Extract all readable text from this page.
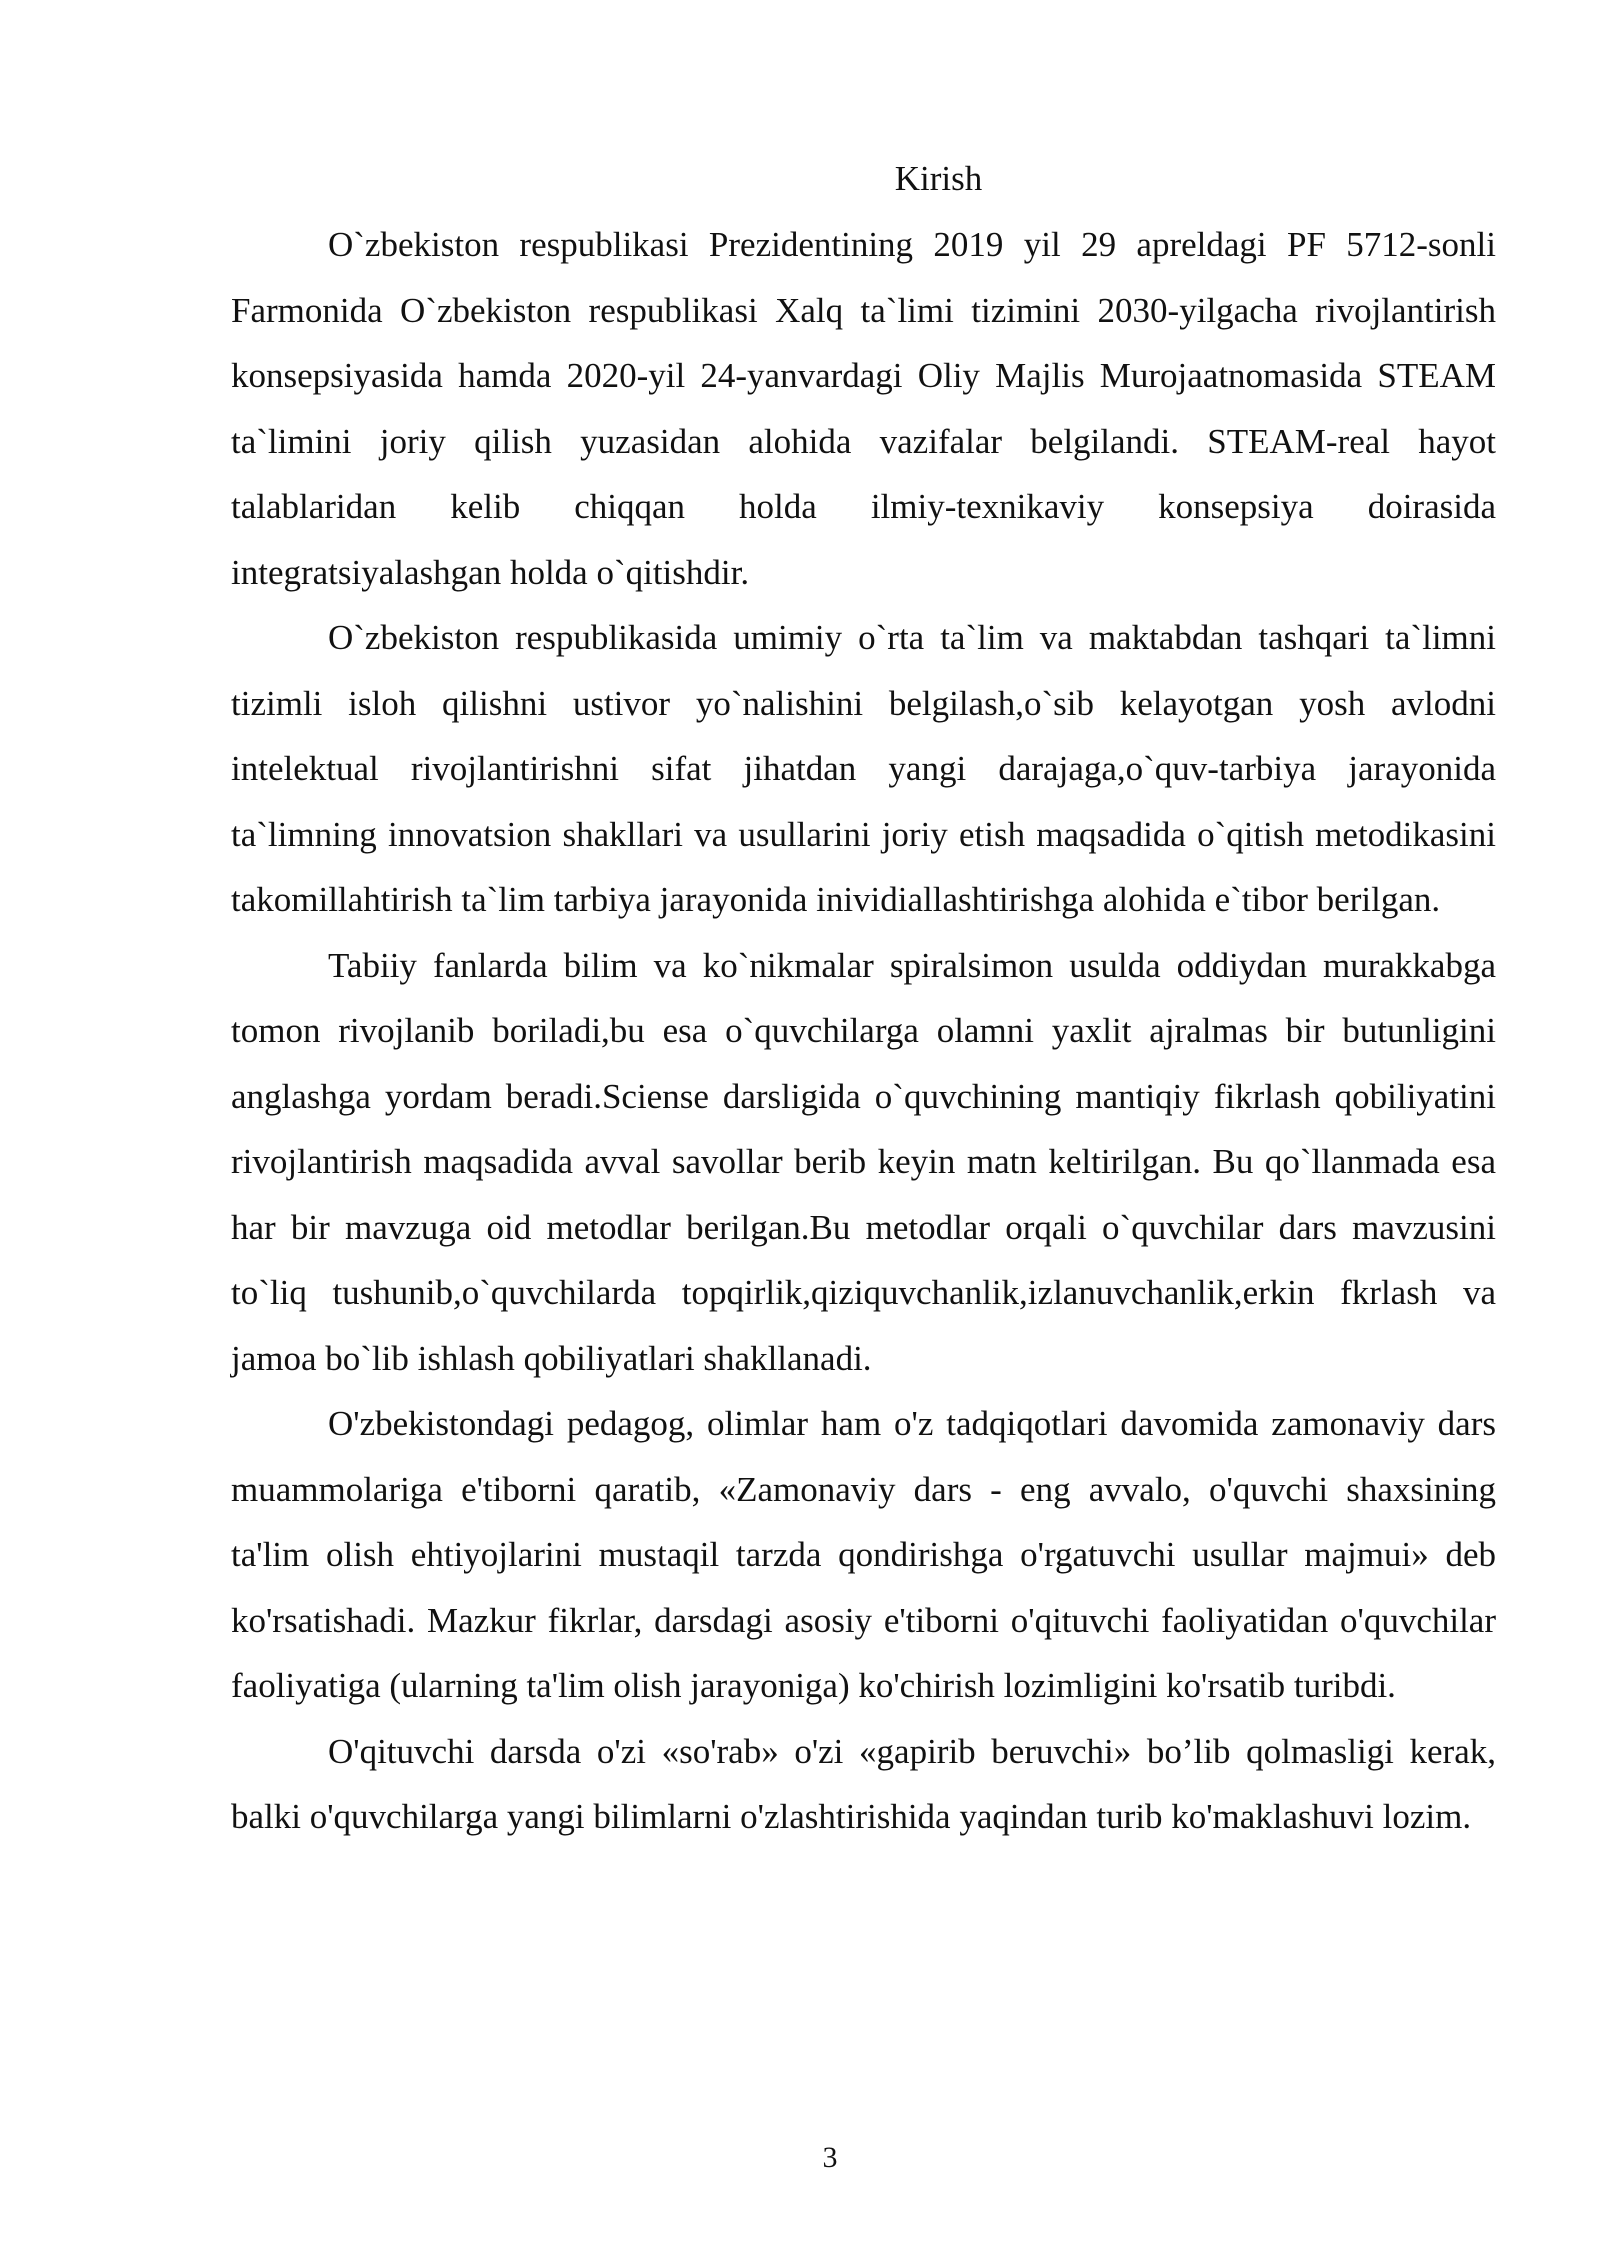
Kirish

O`zbekiston respublikasi Prezidentining 2019 yil 29 apreldagi PF 5712-sonli Farmonida O`zbekiston respublikasi Xalq ta`limi tizimini 2030-yilgacha rivojlantirish konsepsiyasida hamda 2020-yil 24-yanvardagi Oliy Majlis Murojaatnomasida STEAM ta`limini joriy qilish yuzasidan alohida vazifalar belgilandi. STEAM-real hayot talablaridan kelib chiqqan holda ilmiy-texnikaviy konsepsiya doirasida integratsiyalashgan holda o`qitishdir.

O`zbekiston respublikasida umimiy o`rta ta`lim va maktabdan tashqari ta`limni tizimli isloh qilishni ustivor yo`nalishini belgilash,o`sib kelayotgan yosh avlodni intelektual rivojlantirishni sifat jihatdan yangi darajaga,o`quv-tarbiya jarayonida ta`limning innovatsion shakllari va usullarini joriy etish maqsadida o`qitish metodikasini takomillahtirish ta`lim tarbiya jarayonida inividiallashtirishga alohida e`tibor berilgan.

Tabiiy fanlarda bilim va ko`nikmalar spiralsimon usulda oddiydan murakkabga tomon rivojlanib boriladi,bu esa o`quvchilarga olamni yaxlit ajralmas bir butunligini anglashga yordam beradi.Sciense darsligida o`quvchining mantiqiy fikrlash qobiliyatini rivojlantirish maqsadida avval savollar berib keyin matn keltirilgan. Bu qo`llanmada esa har bir mavzuga oid metodlar berilgan.Bu metodlar orqali o`quvchilar dars mavzusini to`liq tushunib,o`quvchilarda topqirlik,qiziquvchanlik,izlanuvchanlik,erkin fkrlash va jamoa bo`lib ishlash qobiliyatlari shakllanadi.

O'zbekistondagi pedagog, olimlar ham o'z tadqiqotlari davomida zamonaviy dars muammolariga e'tiborni qaratib, «Zamonaviy dars - eng avvalo, o'quvchi shaxsining ta'lim olish ehtiyojlarini mustaqil tarzda qondirishga o'rgatuvchi usullar majmui» deb ko'rsatishadi. Mazkur fikrlar, darsdagi asosiy e'tiborni o'qituvchi faoliyatidan o'quvchilar faoliyatiga (ularning ta'lim olish jarayoniga) ko'chirish lozimligini ko'rsatib turibdi.

O'qituvchi darsda o'zi «so'rab» o'zi «gapirib beruvchi» bo’lib qolmasligi kerak, balki o'quvchilarga yangi bilimlarni o'zlashtirishida yaqindan turib ko'maklashuvi lozim.

3
